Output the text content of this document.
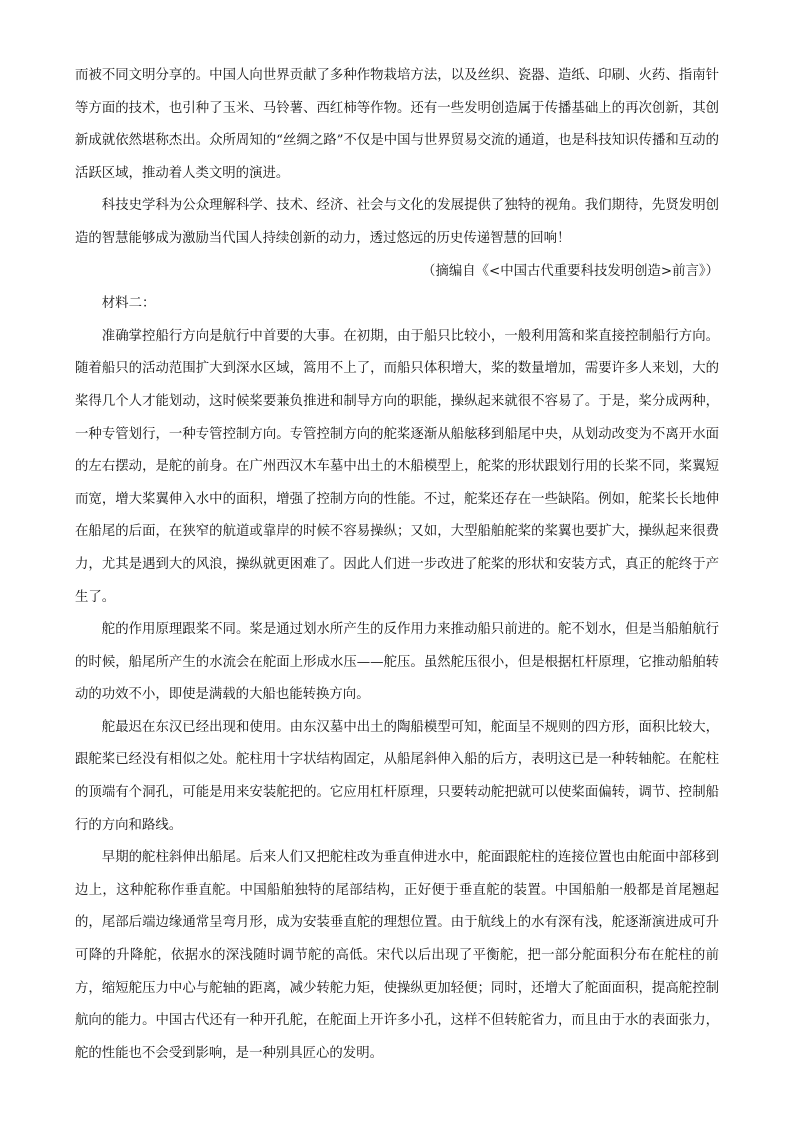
而被不同文明分享的。中国人向世界贡献了多种作物栽培方法，以及丝织、瓷器、造纸、印刷、火药、指南针等方面的技术，也引种了玉米、马铃薯、西红柿等作物。还有一些发明创造属于传播基础上的再次创新，其创新成就依然堪称杰出。众所周知的“丝绸之路”不仅是中国与世界贸易交流的通道，也是科技知识传播和互动的活跃区域，推动着人类文明的演进。

科技史学科为公众理解科学、技术、经济、社会与文化的发展提供了独特的视角。我们期待，先贤发明创造的智慧能够成为激励当代国人持续创新的动力，透过悠远的历史传递智慧的回响！

（摘编自《<中国古代重要科技发明创造>前言》）

材料二：

准确掌控船行方向是航行中首要的大事。在初期，由于船只比较小，一般利用篙和桨直接控制船行方向。随着船只的活动范围扩大到深水区域，篙用不上了，而船只体积增大，桨的数量增加，需要许多人来划，大的桨得几个人才能划动，这时候桨要兼负推进和制导方向的职能，操纵起来就很不容易了。于是，桨分成两种，一种专管划行，一种专管控制方向。专管控制方向的舵桨逐渐从船舷移到船尾中央，从划动改变为不离开水面的左右摆动，是舵的前身。在广州西汉木车墓中出土的木船模型上，舵桨的形状跟划行用的长桨不同，桨翼短而宽，增大桨翼伸入水中的面积，增强了控制方向的性能。不过，舵桨还存在一些缺陷。例如，舵桨长长地伸在船尾的后面，在狭窄的航道或靠岸的时候不容易操纵；又如，大型船舶舵桨的桨翼也要扩大，操纵起来很费力，尤其是遇到大的风浪，操纵就更困难了。因此人们进一步改进了舵桨的形状和安装方式，真正的舵终于产生了。

舵的作用原理跟桨不同。桨是通过划水所产生的反作用力来推动船只前进的。舵不划水，但是当船舶航行的时候，船尾所产生的水流会在舵面上形成水压——舵压。虽然舵压很小，但是根据杠杆原理，它推动船舶转动的功效不小，即使是满载的大船也能转换方向。

舵最迟在东汉已经出现和使用。由东汉墓中出土的陶船模型可知，舵面呈不规则的四方形，面积比较大，跟舵桨已经没有相似之处。舵柱用十字状结构固定，从船尾斜伸入船的后方，表明这已是一种转轴舵。在舵柱的顶端有个洞孔，可能是用来安装舵把的。它应用杠杆原理，只要转动舵把就可以使桨面偏转，调节、控制船行的方向和路线。

早期的舵柱斜伸出船尾。后来人们又把舵柱改为垂直伸进水中，舵面跟舵柱的连接位置也由舵面中部移到边上，这种舵称作垂直舵。中国船舶独特的尾部结构，正好便于垂直舵的装置。中国船舶一般都是首尾翘起的，尾部后端边缘通常呈弯月形，成为安装垂直舵的理想位置。由于航线上的水有深有浅，舵逐渐演进成可升可降的升降舵，依据水的深浅随时调节舵的高低。宋代以后出现了平衡舵，把一部分舵面积分布在舵柱的前方，缩短舵压力中心与舵轴的距离，减少转舵力矩，使操纵更加轻便；同时，还增大了舵面面积，提高舵控制航向的能力。中国古代还有一种开孔舵，在舵面上开许多小孔，这样不但转舵省力，而且由于水的表面张力，舵的性能也不会受到影响，是一种别具匠心的发明。
